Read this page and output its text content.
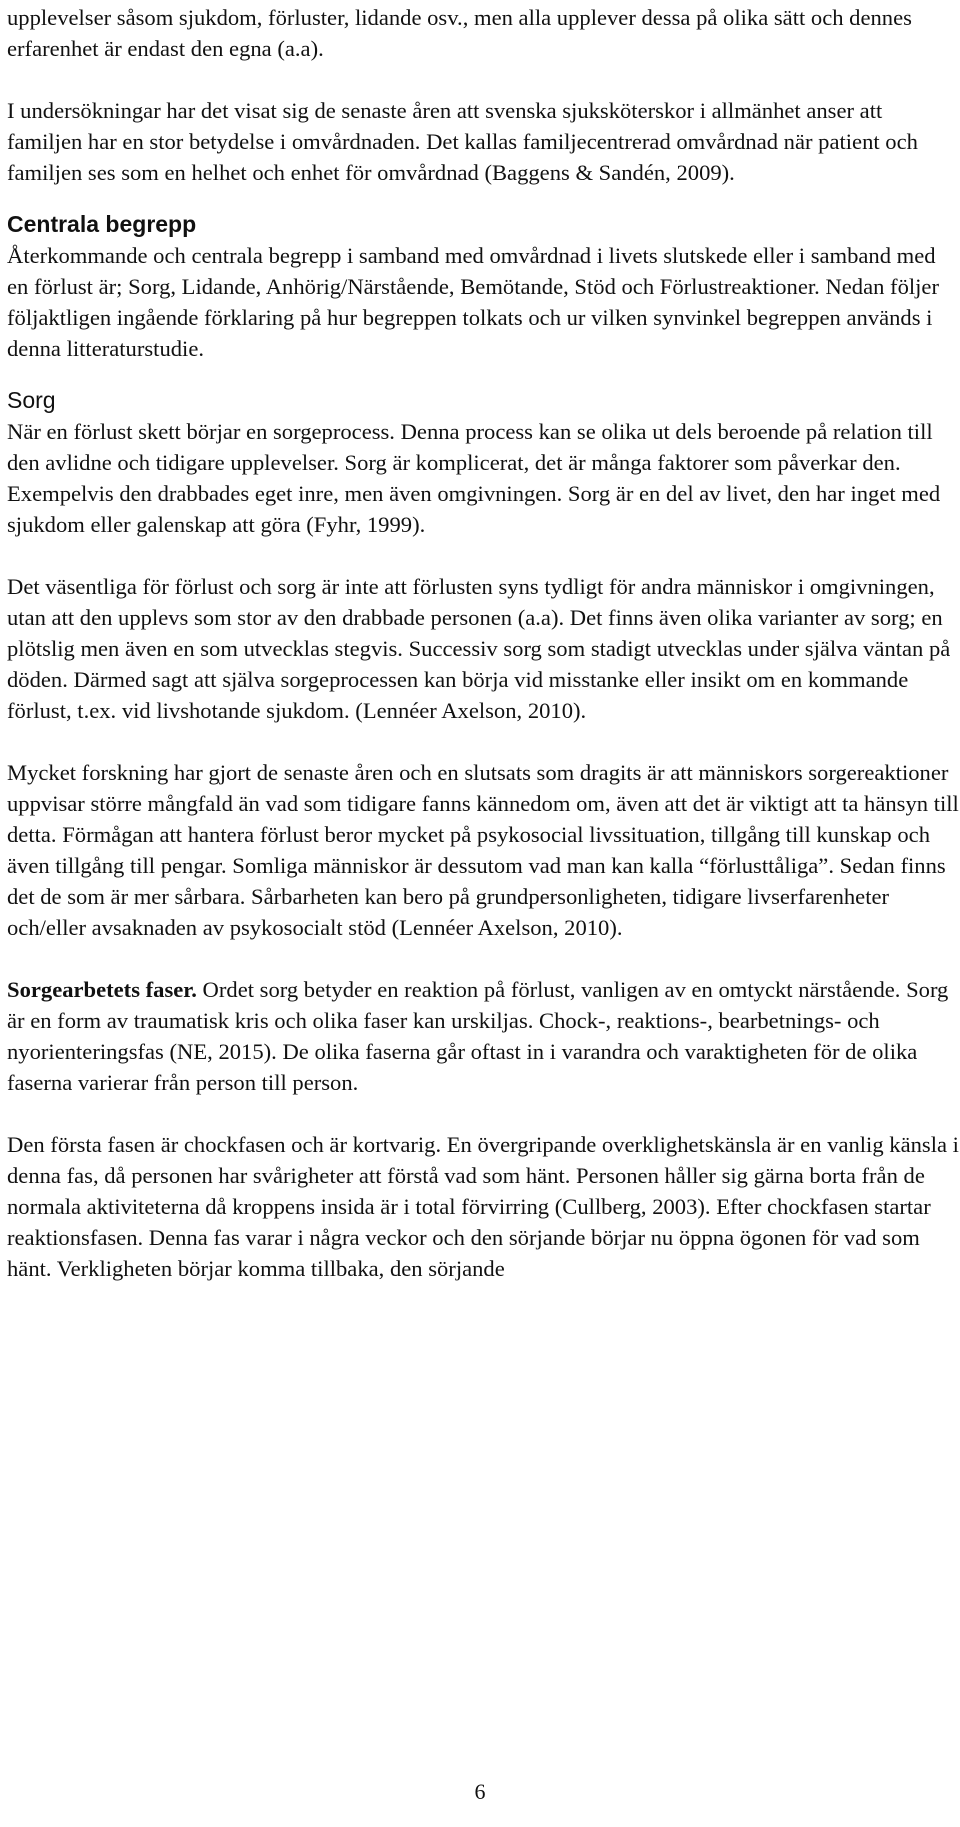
upplevelser såsom sjukdom, förluster, lidande osv., men alla upplever dessa på olika sätt och dennes erfarenhet är endast den egna (a.a).

I undersökningar har det visat sig de senaste åren att svenska sjuksköterskor i allmänhet anser att familjen har en stor betydelse i omvårdnaden. Det kallas familjecentrerad omvårdnad när patient och familjen ses som en helhet och enhet för omvårdnad (Baggens & Sandén, 2009).

Centrala begrepp

Återkommande och centrala begrepp i samband med omvårdnad i livets slutskede eller i samband med en förlust är; Sorg, Lidande, Anhörig/Närstående, Bemötande, Stöd och Förlustreaktioner. Nedan följer följaktligen ingående förklaring på hur begreppen tolkats och ur vilken synvinkel begreppen används i denna litteraturstudie.

Sorg

När en förlust skett börjar en sorgeprocess. Denna process kan se olika ut dels beroende på relation till den avlidne och tidigare upplevelser. Sorg är komplicerat, det är många faktorer som påverkar den. Exempelvis den drabbades eget inre, men även omgivningen. Sorg är en del av livet, den har inget med sjukdom eller galenskap att göra (Fyhr, 1999).

Det väsentliga för förlust och sorg är inte att förlusten syns tydligt för andra människor i omgivningen, utan att den upplevs som stor av den drabbade personen (a.a). Det finns även olika varianter av sorg; en plötslig men även en som utvecklas stegvis. Successiv sorg som stadigt utvecklas under själva väntan på döden. Därmed sagt att själva sorgeprocessen kan börja vid misstanke eller insikt om en kommande förlust, t.ex. vid livshotande sjukdom. (Lennéer Axelson, 2010).

Mycket forskning har gjort de senaste åren och en slutsats som dragits är att människors sorgereaktioner uppvisar större mångfald än vad som tidigare fanns kännedom om, även att det är viktigt att ta hänsyn till detta. Förmågan att hantera förlust beror mycket på psykosocial livssituation, tillgång till kunskap och även tillgång till pengar. Somliga människor är dessutom vad man kan kalla “förlusttåliga”. Sedan finns det de som är mer sårbara. Sårbarheten kan bero på grundpersonligheten, tidigare livserfarenheter och/eller avsaknaden av psykosocialt stöd (Lennéer Axelson, 2010).

Sorgearbetets faser. Ordet sorg betyder en reaktion på förlust, vanligen av en omtyckt närstående. Sorg är en form av traumatisk kris och olika faser kan urskiljas. Chock-, reaktions-, bearbetnings- och nyorienteringsfas (NE, 2015). De olika faserna går oftast in i varandra och varaktigheten för de olika faserna varierar från person till person.

Den första fasen är chockfasen och är kortvarig. En övergripande overklighetskänsla är en vanlig känsla i denna fas, då personen har svårigheter att förstå vad som hänt. Personen håller sig gärna borta från de normala aktiviteterna då kroppens insida är i total förvirring (Cullberg, 2003). Efter chockfasen startar reaktionsfasen. Denna fas varar i några veckor och den sörjande börjar nu öppna ögonen för vad som hänt. Verkligheten börjar komma tillbaka, den sörjande

6
